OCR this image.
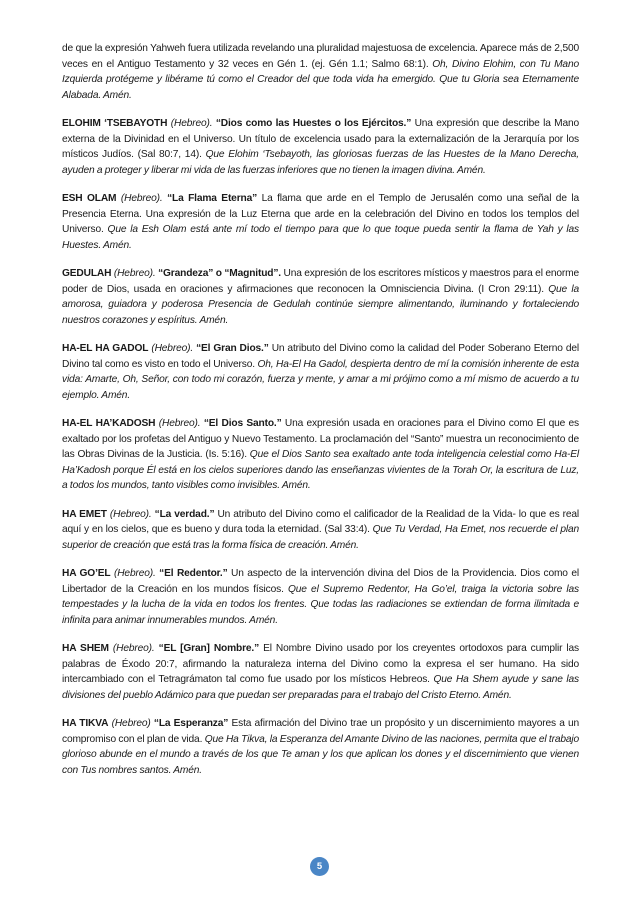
de que la expresión Yahweh fuera utilizada revelando una pluralidad majestuosa de excelencia. Aparece más de 2,500 veces en el Antiguo Testamento y 32 veces en Gén 1. (ej. Gén 1.1; Salmo 68:1). Oh, Divino Elohim, con Tu Mano Izquierda protégeme y libérame tú como el Creador del que toda vida ha emergido. Que tu Gloria sea Eternamente Alabada. Amén.

ELOHIM ‘TSEBAYOTH (Hebreo). “Dios como las Huestes o los Ejércitos.” Una expresión que describe la Mano externa de la Divinidad en el Universo. Un título de excelencia usado para la externalización de la Jerarquía por los místicos Judíos. (Sal 80:7, 14). Que Elohim ‘Tsebayoth, las gloriosas fuerzas de las Huestes de la Mano Derecha, ayuden a proteger y liberar mi vida de las fuerzas inferiores que no tienen la imagen divina. Amén.

ESH OLAM (Hebreo). “La Flama Eterna” La flama que arde en el Templo de Jerusalén como una señal de la Presencia Eterna. Una expresión de la Luz Eterna que arde en la celebración del Divino en todos los templos del Universo. Que la Esh Olam está ante mí todo el tiempo para que lo que toque pueda sentir la flama de Yah y las Huestes. Amén.

GEDULAH (Hebreo). “Grandeza” o “Magnitud”. Una expresión de los escritores místicos y maestros para el enorme poder de Dios, usada en oraciones y afirmaciones que reconocen la Omnisciencia Divina. (I Cron 29:11). Que la amorosa, guiadora y poderosa Presencia de Gedulah continúe siempre alimentando, iluminando y fortaleciendo nuestros corazones y espíritus. Amén.

HA-EL HA GADOL (Hebreo). “El Gran Dios.” Un atributo del Divino como la calidad del Poder Soberano Eterno del Divino tal como es visto en todo el Universo. Oh, Ha-El Ha Gadol, despierta dentro de mí la comisión inherente de esta vida: Amarte, Oh, Señor, con todo mi corazón, fuerza y mente, y amar a mi prójimo como a mí mismo de acuerdo a tu ejemplo. Amén.

HA-EL HA’KADOSH (Hebreo). “El Dios Santo.” Una expresión usada en oraciones para el Divino como El que es exaltado por los profetas del Antiguo y Nuevo Testamento. La proclamación del “Santo” muestra un reconocimiento de las Obras Divinas de la Justicia. (Is. 5:16). Que el Dios Santo sea exaltado ante toda inteligencia celestial como Ha-El Ha’Kadosh porque Él está en los cielos superiores dando las enseñanzas vivientes de la Torah Or, la escritura de Luz, a todos los mundos, tanto visibles como invisibles. Amén.

HA EMET (Hebreo). “La verdad.” Un atributo del Divino como el calificador de la Realidad de la Vida- lo que es real aquí y en los cielos, que es bueno y dura toda la eternidad. (Sal 33:4). Que Tu Verdad, Ha Emet, nos recuerde el plan superior de creación que está tras la forma física de creación. Amén.

HA GO’EL (Hebreo). “El Redentor.” Un aspecto de la intervención divina del Dios de la Providencia. Dios como el Libertador de la Creación en los mundos físicos. Que el Supremo Redentor, Ha Go’el, traiga la victoria sobre las tempestades y la lucha de la vida en todos los frentes. Que todas las radiaciones se extiendan de forma ilimitada e infinita para animar innumerables mundos. Amén.

HA SHEM (Hebreo). “EL [Gran] Nombre.” El Nombre Divino usado por los creyentes ortodoxos para cumplir las palabras de Éxodo 20:7, afirmando la naturaleza interna del Divino como la expresa el ser humano. Ha sido intercambiado con el Tetragrámaton tal como fue usado por los místicos Hebreos. Que Ha Shem ayude y sane las divisiones del pueblo Adámico para que puedan ser preparadas para el trabajo del Cristo Eterno. Amén.

HA TIKVA (Hebreo) “La Esperanza” Esta afirmación del Divino trae un propósito y un discernimiento mayores a un compromiso con el plan de vida. Que Ha Tikva, la Esperanza del Amante Divino de las naciones, permita que el trabajo glorioso abunde en el mundo a través de los que Te aman y los que aplican los dones y el discernimiento que vienen con Tus nombres santos. Amén.

5
